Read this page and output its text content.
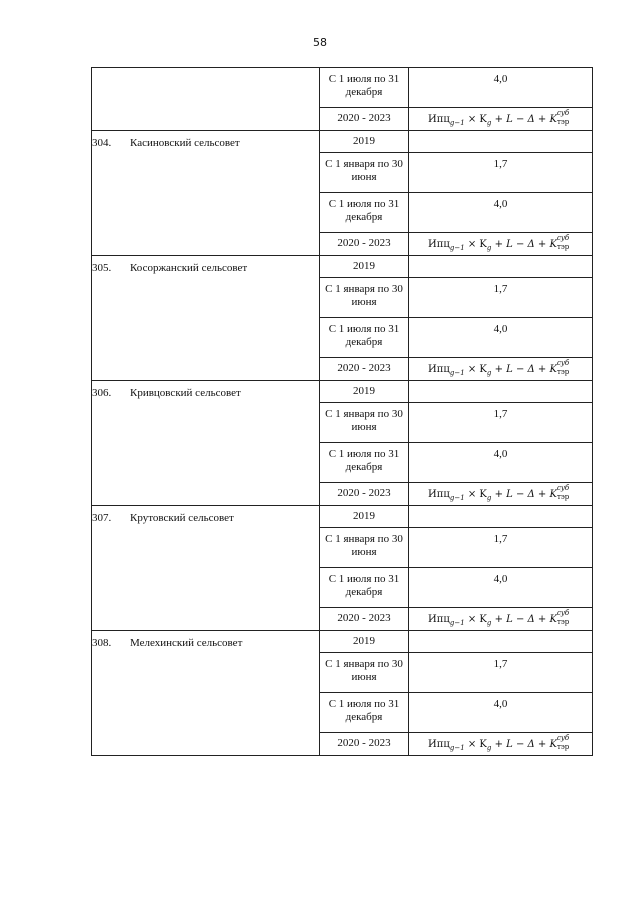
58
	С 1 июля по 31 декабря	4,0
	2020 - 2023	$Ипц_{g-1} \times K_g + L - \Delta + K$
суб
тэр

304. Касиновский сельсовет	2019	
	С 1 января по 30 июня	1,7
	С 1 июля по 31 декабря	4,0
	2020 - 2023	$Ипц_{g-1} \times K_g + L - \Delta + K$
суб
тэр

305. Косоржанский сельсовет	2019	
	С 1 января по 30 июня	1,7
	С 1 июля по 31 декабря	4,0
	2020 - 2023	$Ипц_{g-1} \times K_g + L - \Delta + K$
суб
тэр

306. Кривцовский сельсовет	2019	
	С 1 января по 30 июня	1,7
	С 1 июля по 31 декабря	4,0
	2020 - 2023	$Ипц_{g-1} \times K_g + L - \Delta + K$
суб
тэр

307. Крутовский сельсовет	2019	
	С 1 января по 30 июня	1,7
	С 1 июля по 31 декабря	4,0
	2020 - 2023	$Ипц_{g-1} \times K_g + L - \Delta + K$
суб
тэр

308. Мелехинский сельсовет	2019	
	С 1 января по 30 июня	1,7
	С 1 июля по 31 декабря	4,0
	2020 - 2023	$Ипц_{g-1} \times K_g + L - \Delta + K$
суб
тэр
